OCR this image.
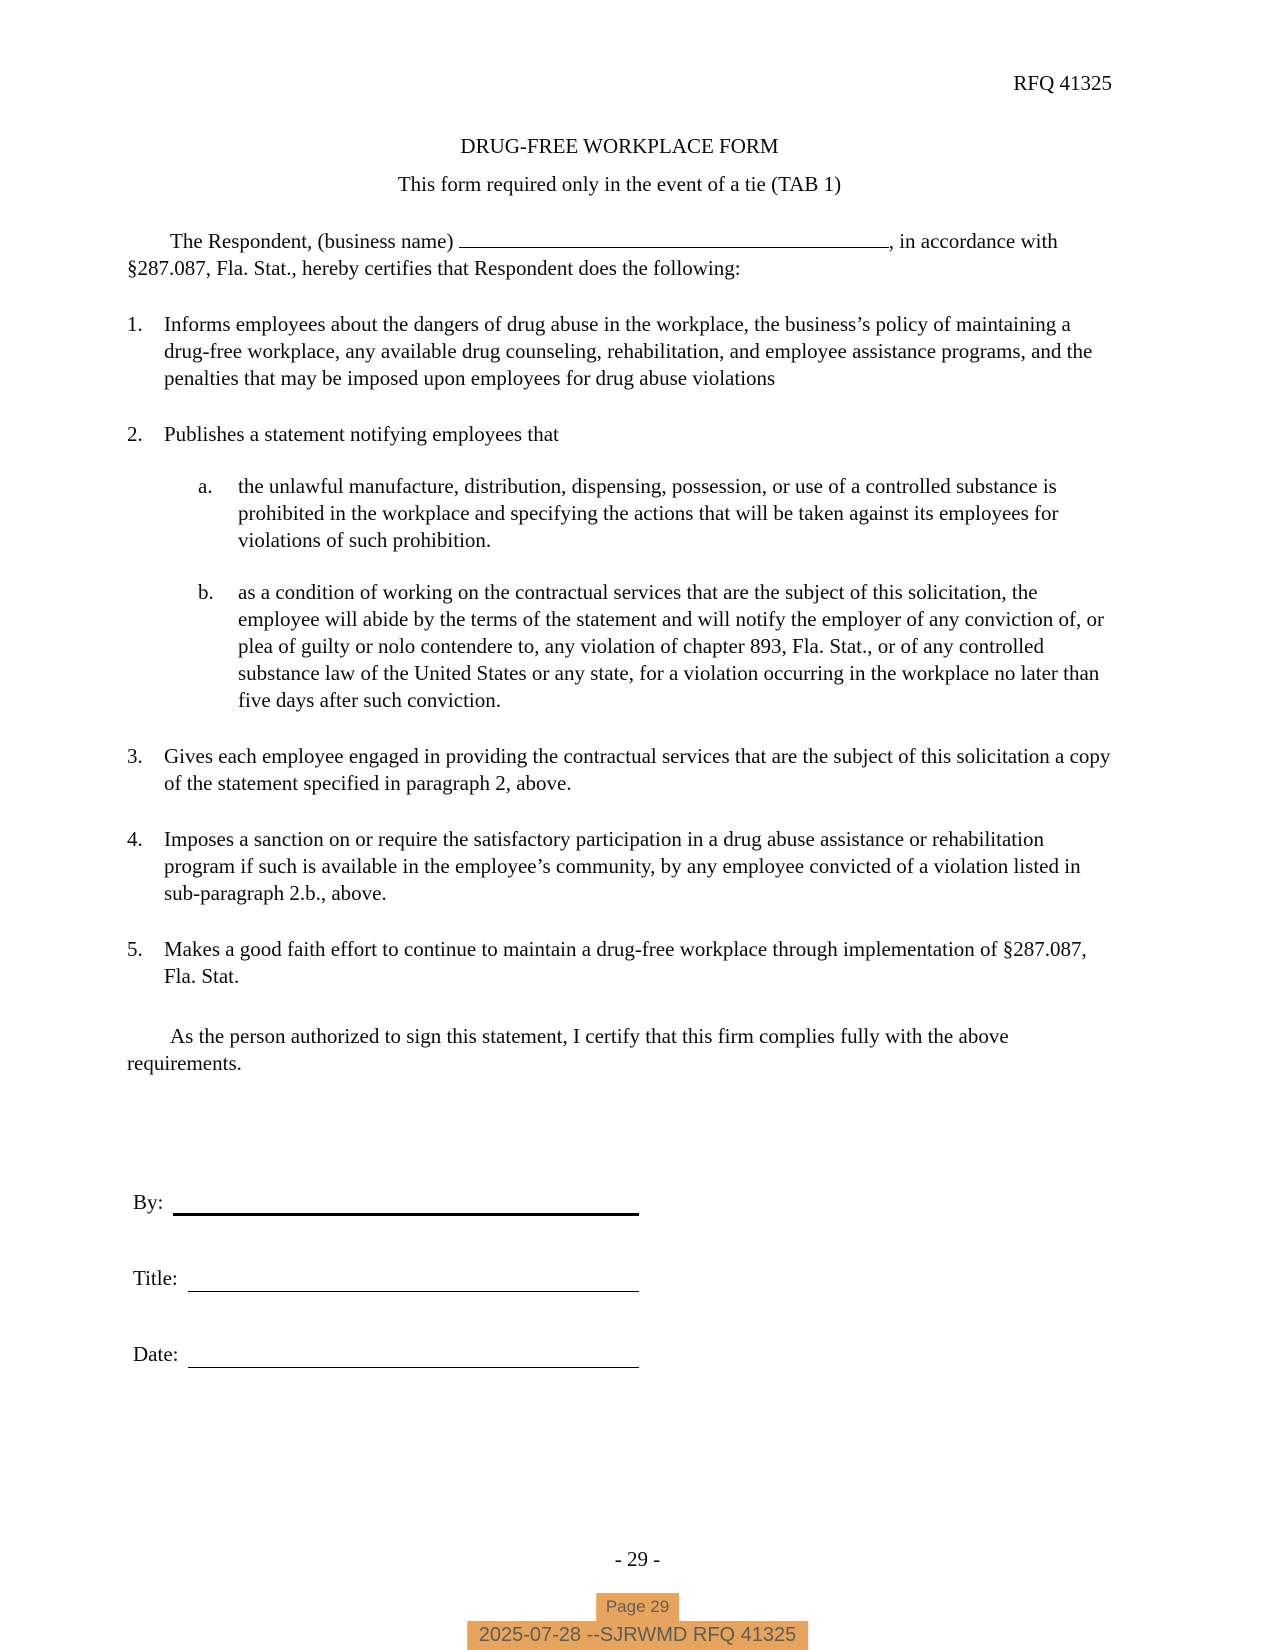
RFQ 41325
DRUG-FREE WORKPLACE FORM
This form required only in the event of a tie (TAB 1)
The Respondent, (business name)	, in accordance with §287.087, Fla. Stat., hereby certifies that Respondent does the following:
1.	Informs employees about the dangers of drug abuse in the workplace, the business’s policy of maintaining a drug-free workplace, any available drug counseling, rehabilitation, and employee assistance programs, and the penalties that may be imposed upon employees for drug abuse violations
2.	Publishes a statement notifying employees that
a.	the unlawful manufacture, distribution, dispensing, possession, or use of a controlled substance is prohibited in the workplace and specifying the actions that will be taken against its employees for violations of such prohibition.
b.	as a condition of working on the contractual services that are the subject of this solicitation, the employee will abide by the terms of the statement and will notify the employer of any conviction of, or plea of guilty or nolo contendere to, any violation of chapter 893, Fla. Stat., or of any controlled substance law of the United States or any state, for a violation occurring in the workplace no later than five days after such conviction.
3.	Gives each employee engaged in providing the contractual services that are the subject of this solicitation a copy of the statement specified in paragraph 2, above.
4.	Imposes a sanction on or require the satisfactory participation in a drug abuse assistance or rehabilitation program if such is available in the employee’s community, by any employee convicted of a violation listed in sub-paragraph 2.b., above.
5.	Makes a good faith effort to continue to maintain a drug-free workplace through implementation of §287.087, Fla. Stat.
As the person authorized to sign this statement, I certify that this firm complies fully with the above requirements.
By:
Title:
Date:
- 29 -
Page 29
2025-07-28 --SJRWMD RFQ 41325
